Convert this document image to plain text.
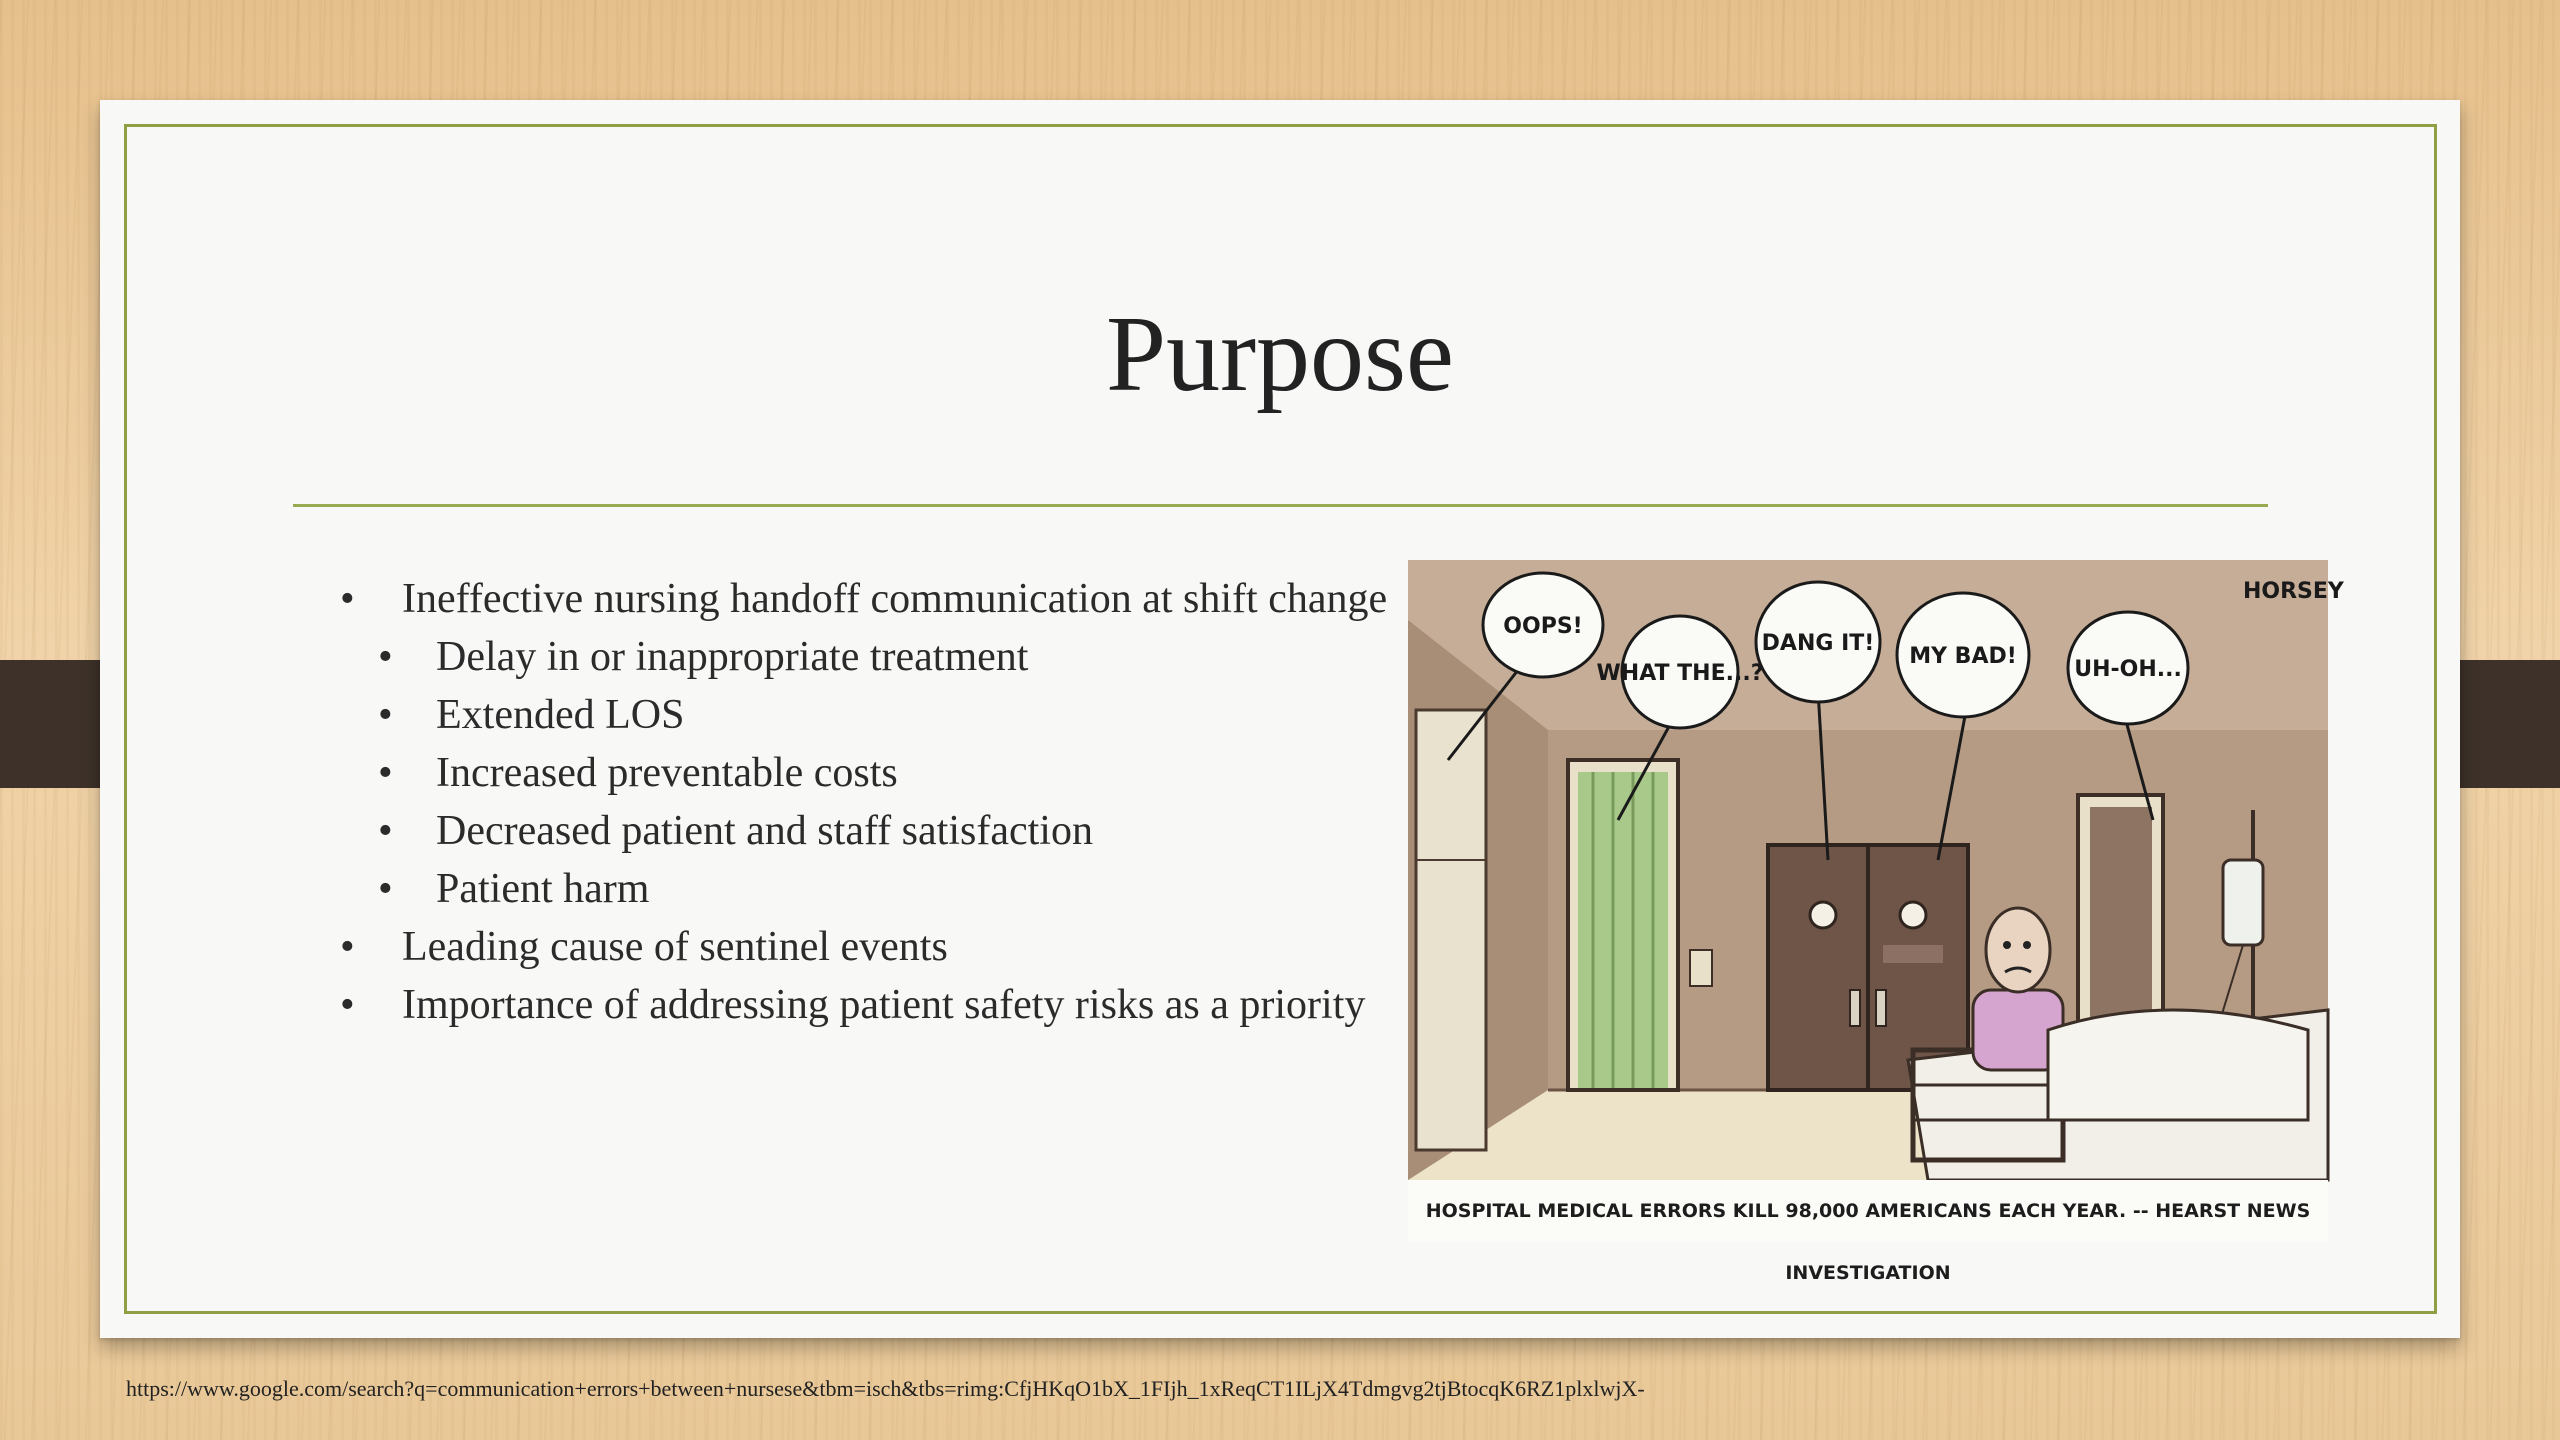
Purpose
• Ineffective nursing handoff communication at shift change
• Delay in or inappropriate treatment
• Extended LOS
• Increased preventable costs
• Decreased patient and staff satisfaction
• Patient harm
• Leading cause of sentinel events
• Importance of addressing patient safety risks as a priority
HORSEY
OOPS!
WHAT THE...?
DANG IT!
MY BAD!
UH-OH...
HOSPITAL MEDICAL ERRORS KILL 98,000 AMERICANS EACH YEAR. -- HEARST NEWS INVESTIGATION
https://www.google.com/search?q=communication+errors+between+nursese&tbm=isch&tbs=rimg:CfjHKqO1bX_1FIjh_1xReqCT1ILjX4Tdmgvg2tjBtocqK6RZ1plxlwjX-
